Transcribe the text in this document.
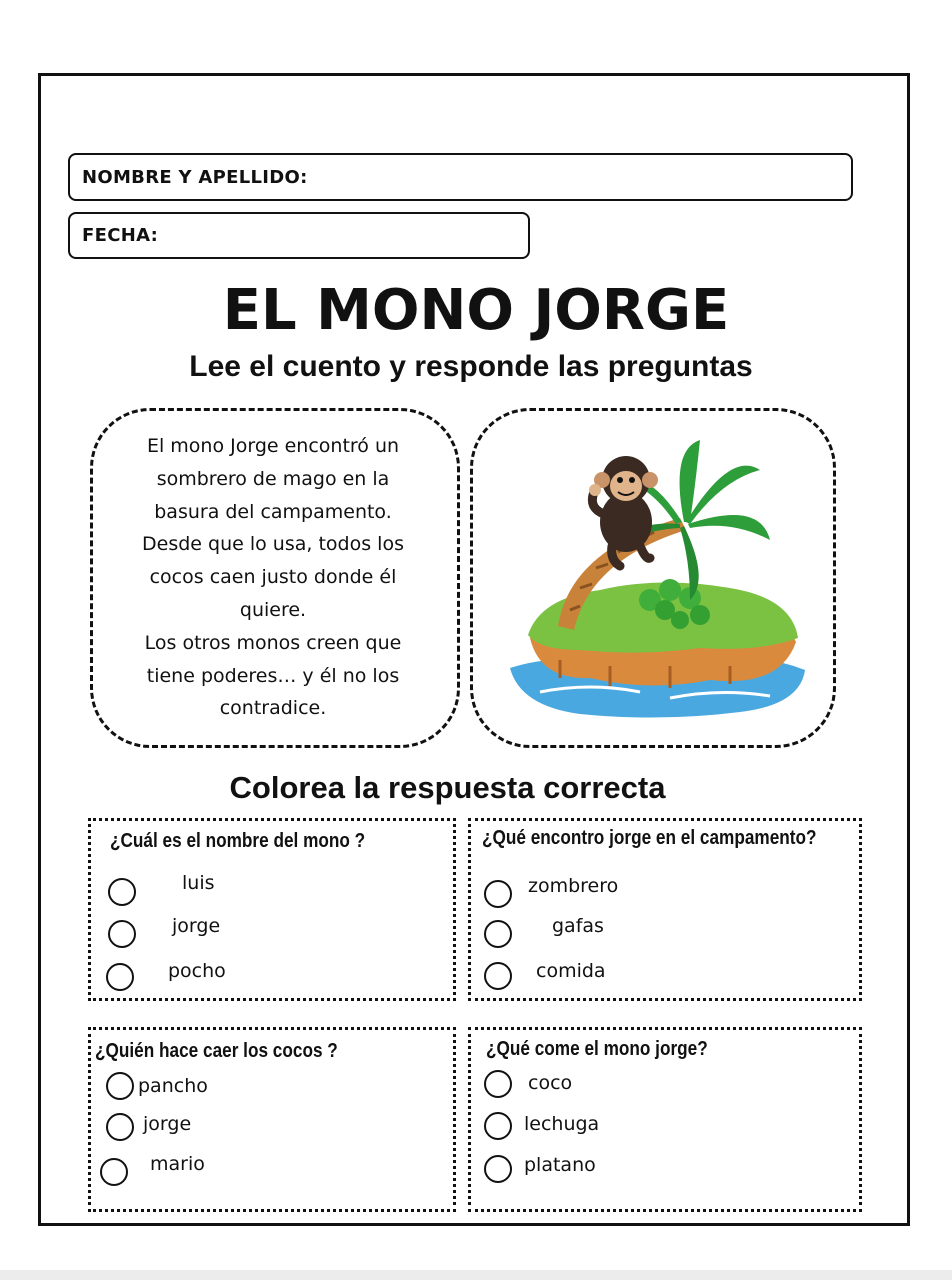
NOMBRE Y APELLIDO:
FECHA:
EL MONO JORGE
Lee el cuento y responde las preguntas

El mono Jorge encontró un

sombrero de mago en la

basura del campamento.

Desde que lo usa, todos los

cocos caen justo donde él

quiere.

Los otros monos creen que

tiene poderes… y él no los

contradice.

Colorea la respuesta correcta
¿Cuál es el nombre del mono ?
luis
jorge
pocho
¿Qué encontro jorge en el campamento?
zombrero
gafas
comida
¿Quién hace caer los cocos ?
pancho
jorge
mario
¿Qué come el mono jorge?
coco
lechuga
platano
